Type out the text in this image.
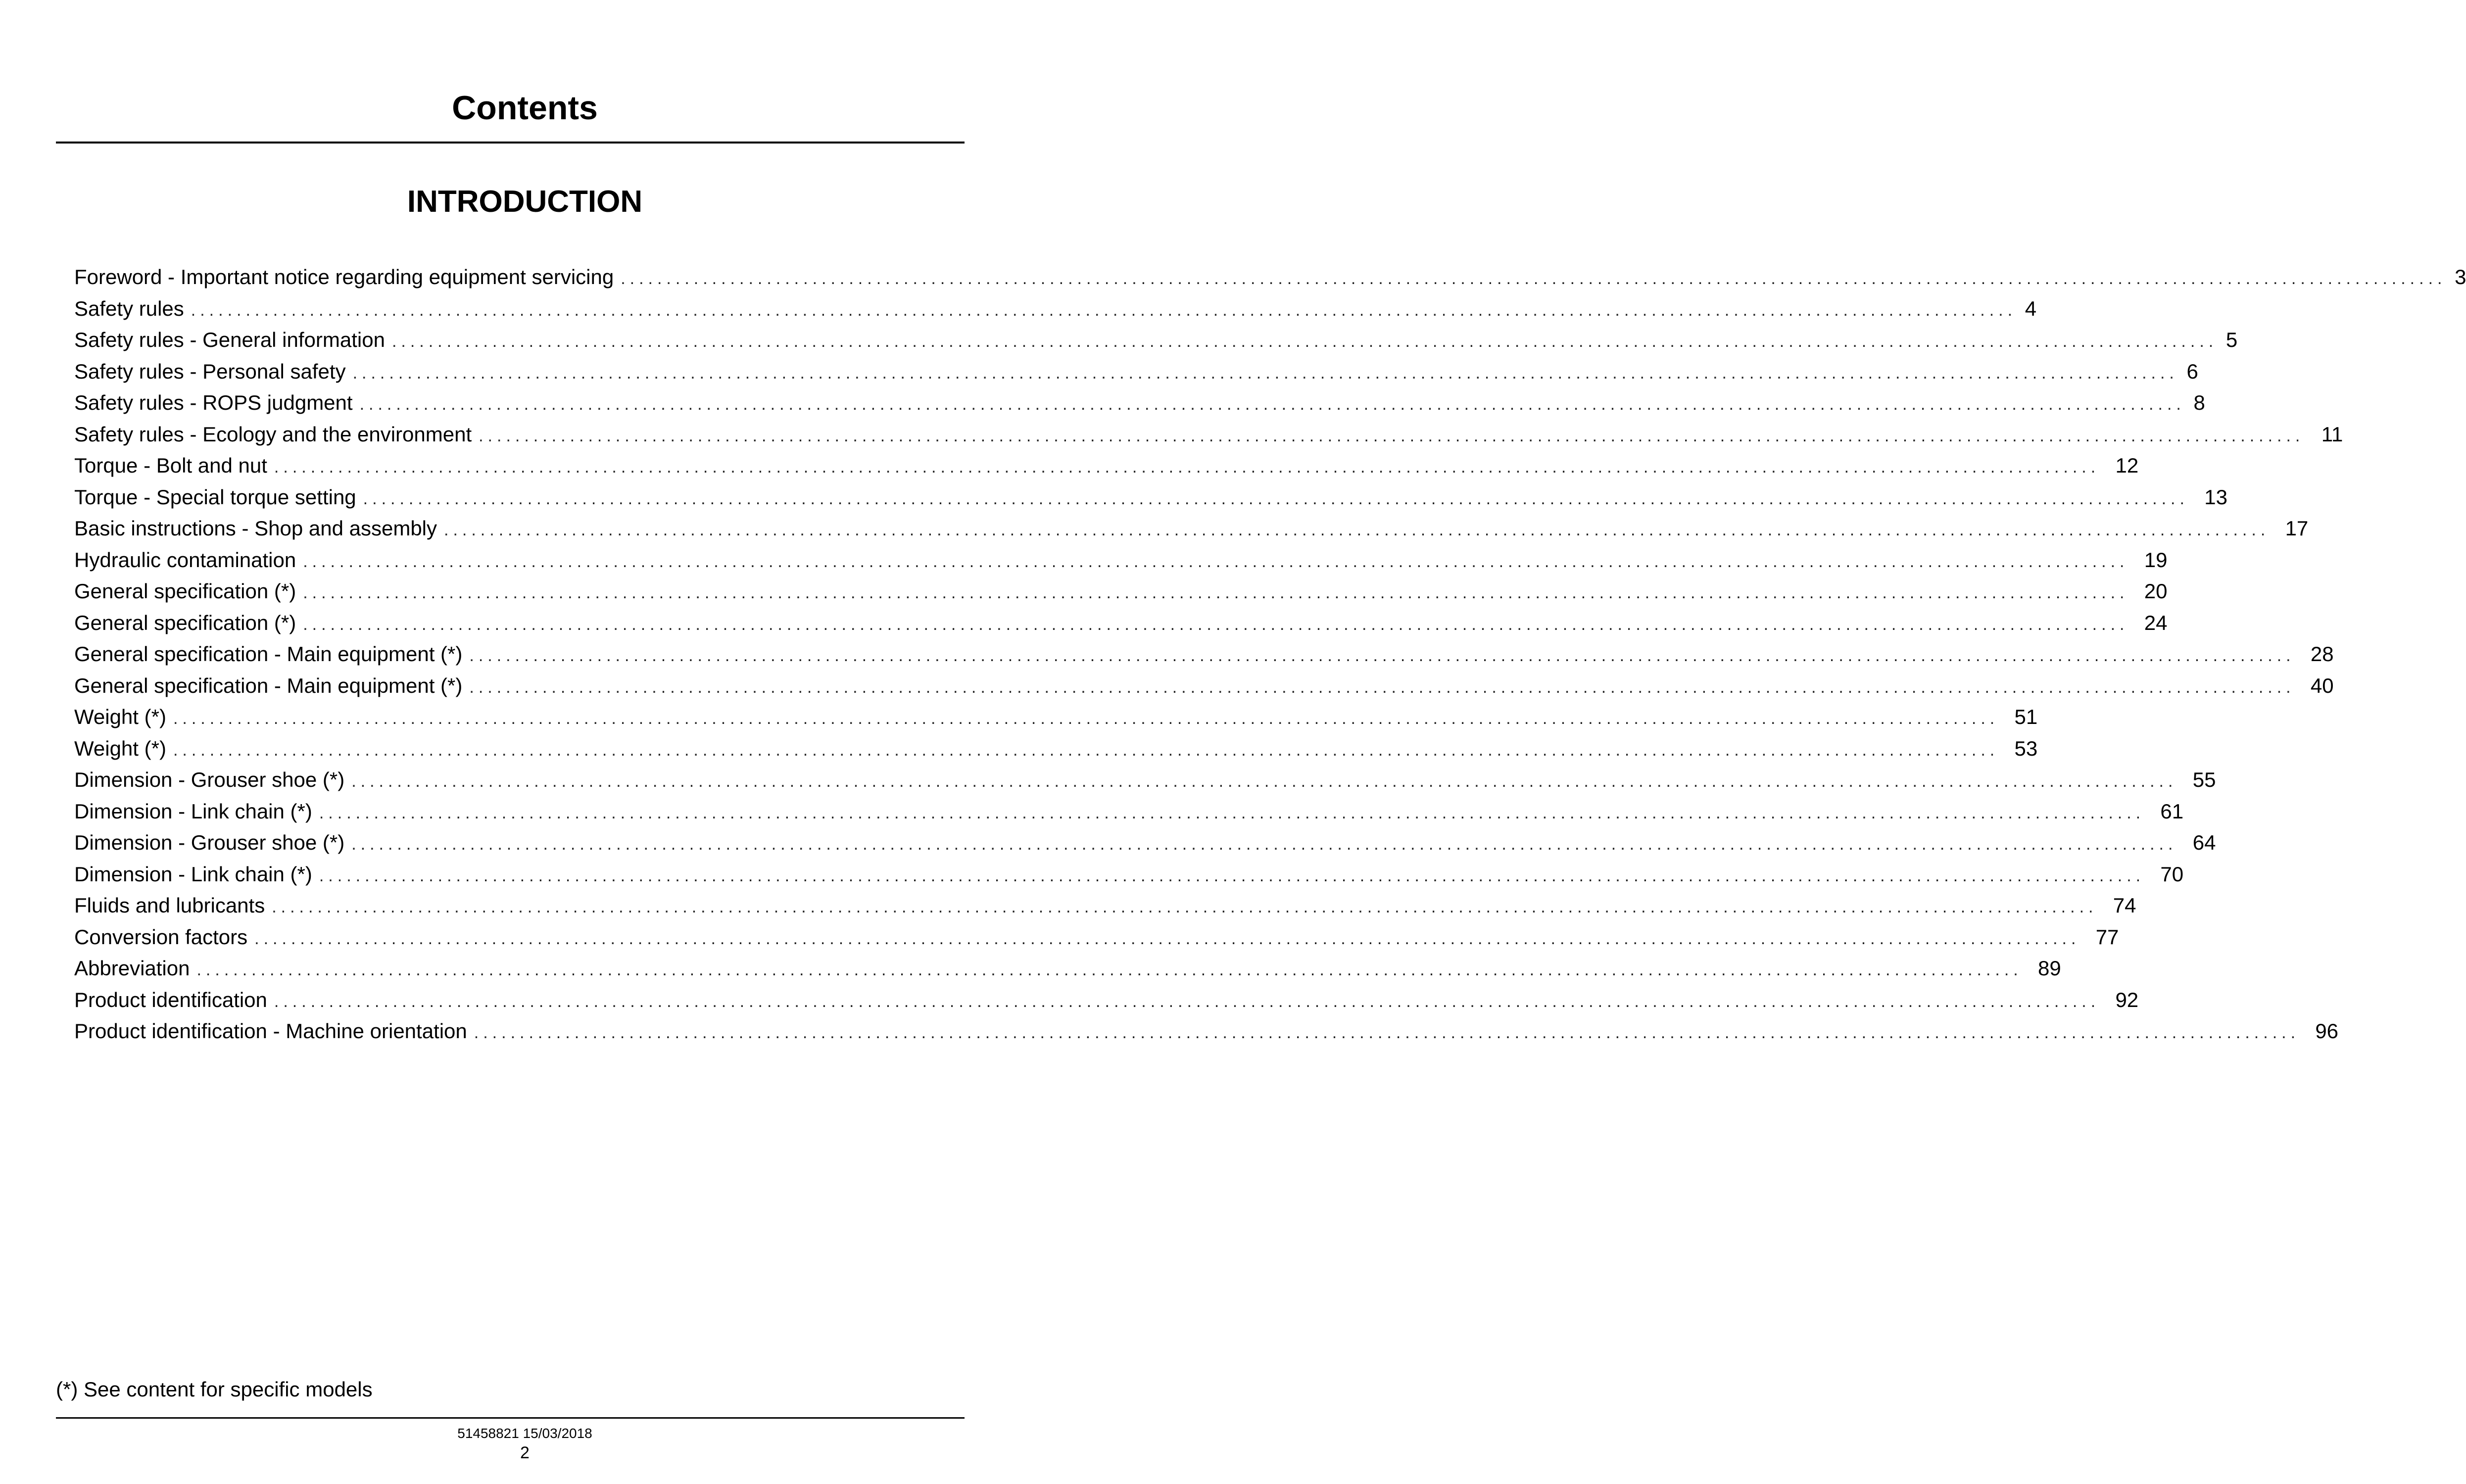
Contents
INTRODUCTION
Foreword - Important notice regarding equipment servicing ........................................................................................................................................................................................................ 3
Safety rules ........................................................................................................................................................................................................ 4
Safety rules - General information ........................................................................................................................................................................................................ 5
Safety rules - Personal safety ........................................................................................................................................................................................................ 6
Safety rules - ROPS judgment ........................................................................................................................................................................................................ 8
Safety rules - Ecology and the environment ........................................................................................................................................................................................................ 11
Torque - Bolt and nut ........................................................................................................................................................................................................ 12
Torque - Special torque setting ........................................................................................................................................................................................................ 13
Basic instructions - Shop and assembly ........................................................................................................................................................................................................ 17
Hydraulic contamination ........................................................................................................................................................................................................ 19
General specification (*) ........................................................................................................................................................................................................ 20
General specification (*) ........................................................................................................................................................................................................ 24
General specification - Main equipment (*) ........................................................................................................................................................................................................ 28
General specification - Main equipment (*) ........................................................................................................................................................................................................ 40
Weight (*) ........................................................................................................................................................................................................ 51
Weight (*) ........................................................................................................................................................................................................ 53
Dimension - Grouser shoe (*) ........................................................................................................................................................................................................ 55
Dimension - Link chain (*) ........................................................................................................................................................................................................ 61
Dimension - Grouser shoe (*) ........................................................................................................................................................................................................ 64
Dimension - Link chain (*) ........................................................................................................................................................................................................ 70
Fluids and lubricants ........................................................................................................................................................................................................ 74
Conversion factors ........................................................................................................................................................................................................ 77
Abbreviation ........................................................................................................................................................................................................ 89
Product identification ........................................................................................................................................................................................................ 92
Product identification - Machine orientation ........................................................................................................................................................................................................ 96
(*) See content for specific models
51458821 15/03/2018
2
